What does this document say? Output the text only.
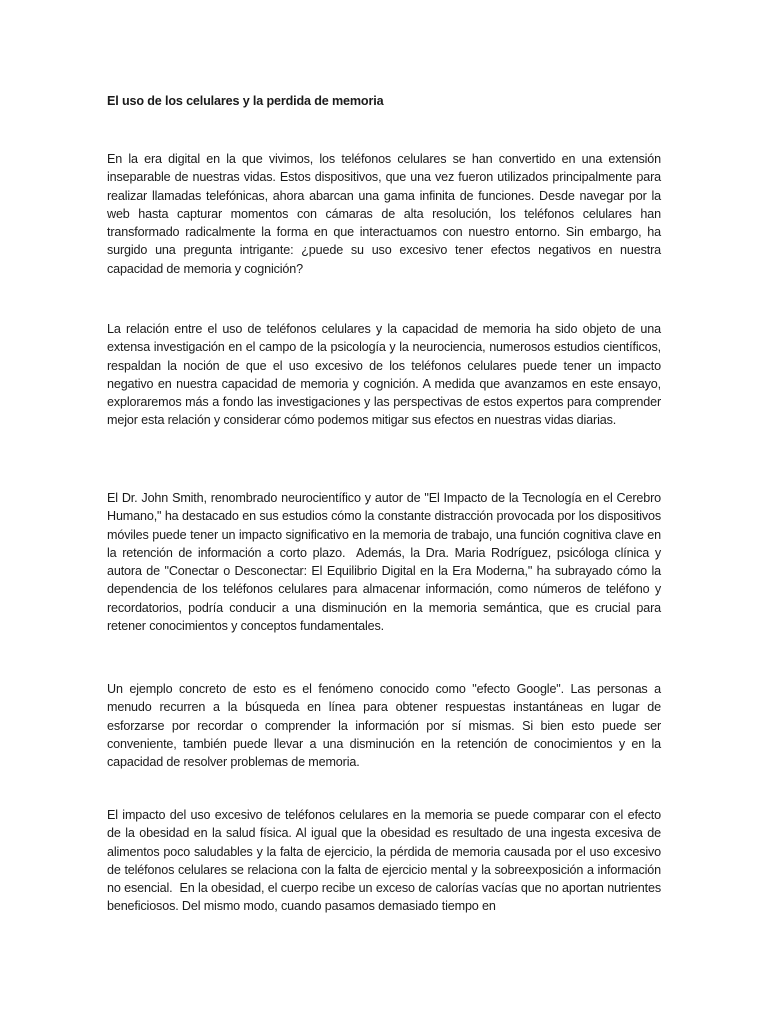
El uso de los celulares y la perdida de memoria

En la era digital en la que vivimos, los teléfonos celulares se han convertido en una extensión inseparable de nuestras vidas. Estos dispositivos, que una vez fueron utilizados principalmente para realizar llamadas telefónicas, ahora abarcan una gama infinita de funciones. Desde navegar por la web hasta capturar momentos con cámaras de alta resolución, los teléfonos celulares han transformado radicalmente la forma en que interactuamos con nuestro entorno. Sin embargo, ha surgido una pregunta intrigante: ¿puede su uso excesivo tener efectos negativos en nuestra capacidad de memoria y cognición?

La relación entre el uso de teléfonos celulares y la capacidad de memoria ha sido objeto de una extensa investigación en el campo de la psicología y la neurociencia, numerosos estudios científicos, respaldan la noción de que el uso excesivo de los teléfonos celulares puede tener un impacto negativo en nuestra capacidad de memoria y cognición. A medida que avanzamos en este ensayo, exploraremos más a fondo las investigaciones y las perspectivas de estos expertos para comprender mejor esta relación y considerar cómo podemos mitigar sus efectos en nuestras vidas diarias.

El Dr. John Smith, renombrado neurocientífico y autor de "El Impacto de la Tecnología en el Cerebro Humano," ha destacado en sus estudios cómo la constante distracción provocada por los dispositivos móviles puede tener un impacto significativo en la memoria de trabajo, una función cognitiva clave en la retención de información a corto plazo.  Además, la Dra. Maria Rodríguez, psicóloga clínica y autora de "Conectar o Desconectar: El Equilibrio Digital en la Era Moderna," ha subrayado cómo la dependencia de los teléfonos celulares para almacenar información, como números de teléfono y recordatorios, podría conducir a una disminución en la memoria semántica, que es crucial para retener conocimientos y conceptos fundamentales.

Un ejemplo concreto de esto es el fenómeno conocido como "efecto Google". Las personas a menudo recurren a la búsqueda en línea para obtener respuestas instantáneas en lugar de esforzarse por recordar o comprender la información por sí mismas. Si bien esto puede ser conveniente, también puede llevar a una disminución en la retención de conocimientos y en la capacidad de resolver problemas de memoria.

El impacto del uso excesivo de teléfonos celulares en la memoria se puede comparar con el efecto de la obesidad en la salud física. Al igual que la obesidad es resultado de una ingesta excesiva de alimentos poco saludables y la falta de ejercicio, la pérdida de memoria causada por el uso excesivo de teléfonos celulares se relaciona con la falta de ejercicio mental y la sobreexposición a información no esencial.  En la obesidad, el cuerpo recibe un exceso de calorías vacías que no aportan nutrientes beneficiosos. Del mismo modo, cuando pasamos demasiado tiempo en
